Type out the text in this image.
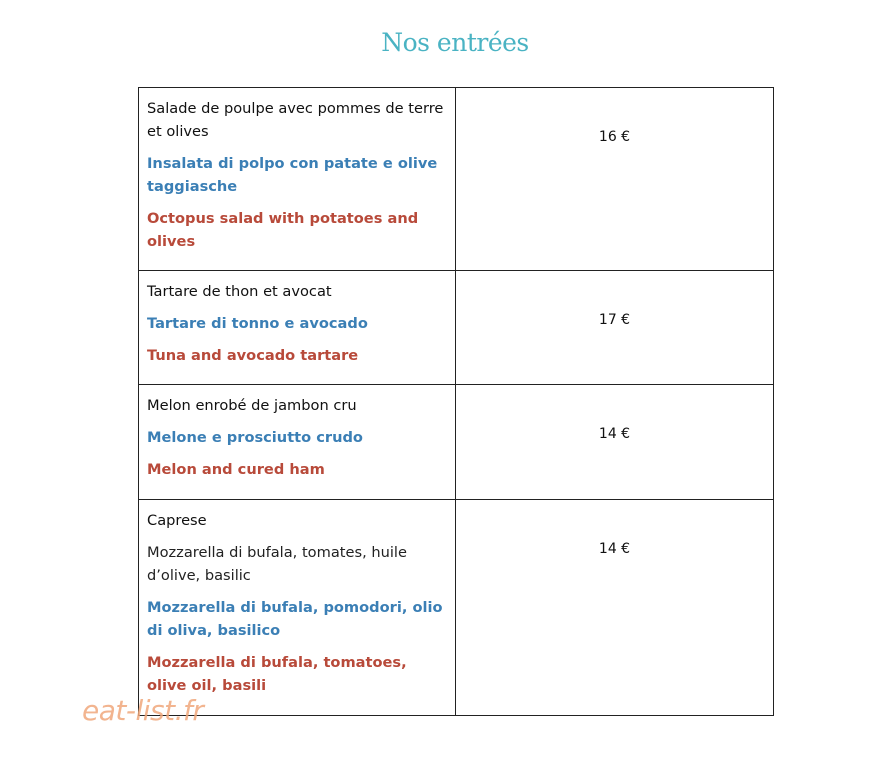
Nos entrées

Salade de poulpe avec pommes de terre et olives

Insalata di polpo con patate e olive taggiasche

Octopus salad with potatoes and olives	16 €

Tartare de thon et avocat

Tartare di tonno e avocado

Tuna and avocado tartare	17 €

Melon enrobé de jambon cru

Melone e prosciutto crudo

Melon and cured ham	14 €

Caprese

Mozzarella di bufala, tomates, huile d’olive, basilic

Mozzarella di bufala, pomodori, olio di oliva, basilico

Mozzarella di bufala, tomatoes, olive oil, basili	14 €
eat-list.fr
